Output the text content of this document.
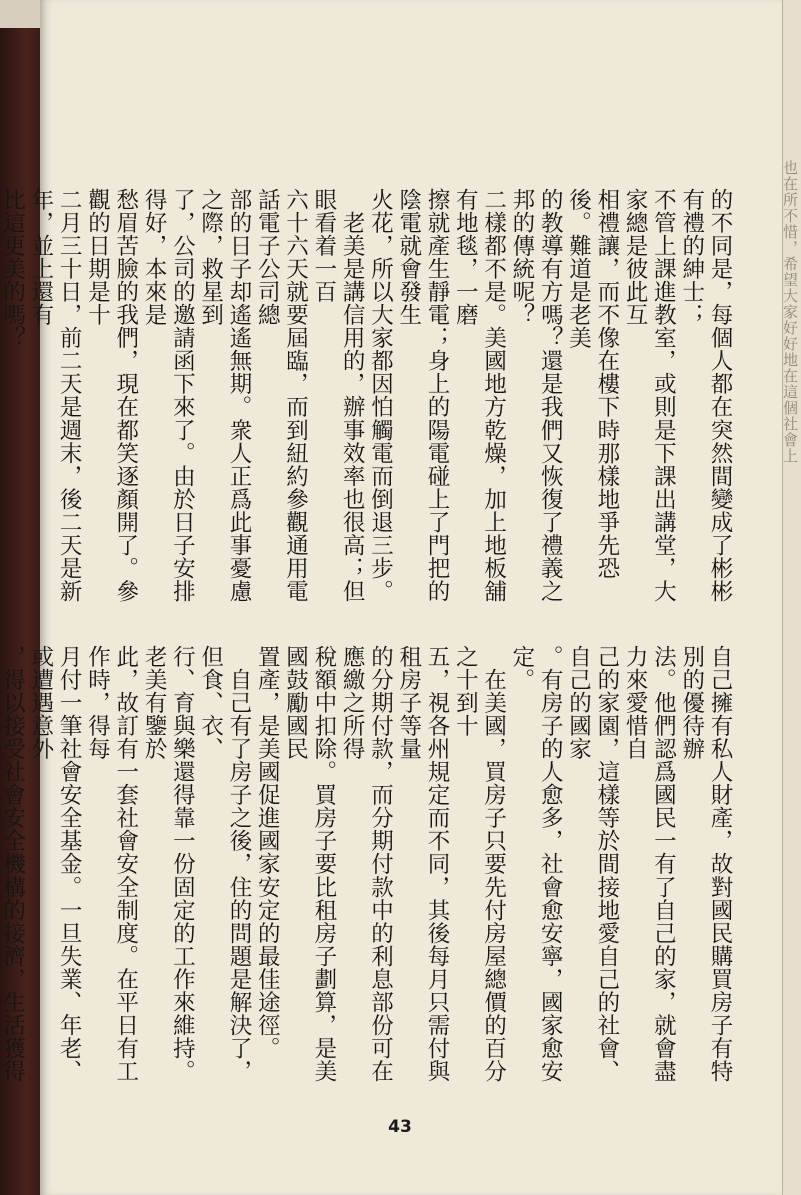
也在所不惜，希望大家好好地在這個社會上

的不同是，每個人都在突然間變成了彬彬有禮的紳士；

不管上課進教室，或則是下課出講堂，大家總是彼此互

相禮讓，而不像在樓下時那樣地爭先恐後。難道是老美

的教導有方嗎？還是我們又恢復了禮義之邦的傳統呢？

二樣都不是。美國地方乾燥，加上地板舖有地毯，一磨

擦就產生靜電；身上的陽電碰上了門把的陰電就會發生

火花，所以大家都因怕觸電而倒退三步。

　老美是講信用的，辦事效率也很高；但眼看着一百

六十六天就要屆臨，而到紐約參觀通用電話電子公司總

部的日子却遙遙無期。衆人正爲此事憂慮之際，救星到

了，公司的邀請函下來了。由於日子安排得好，本來是

愁眉苦臉的我們，現在都笑逐顏開了。參觀的日期是十

二月三十日，前二天是週末，後二天是新年，並上還有

比這更美的嗎？

自己擁有私人財產，故對國民購買房子有特別的優待辦

法。他們認爲國民一有了自己的家，就會盡力來愛惜自

己的家園，這樣等於間接地愛自己的社會、自己的國家

。有房子的人愈多，社會愈安寧，國家愈安定。

　在美國，買房子只要先付房屋總價的百分之十到十

五，視各州規定而不同，其後每月只需付與租房子等量

的分期付款，而分期付款中的利息部份可在應繳之所得

稅額中扣除。買房子要比租房子劃算，是美國鼓勵國民

置產，是美國促進國家安定的最佳途徑。

　自己有了房子之後，住的問題是解決了，但食、衣、

行、育與樂還得靠一份固定的工作來維持。老美有鑒於

此，故訂有一套社會安全制度。在平日有工作時，得每

月付一筆社會安全基金。一旦失業、年老、或遭遇意外

，得以接受社會安全機構的接濟，生活獲得

43
